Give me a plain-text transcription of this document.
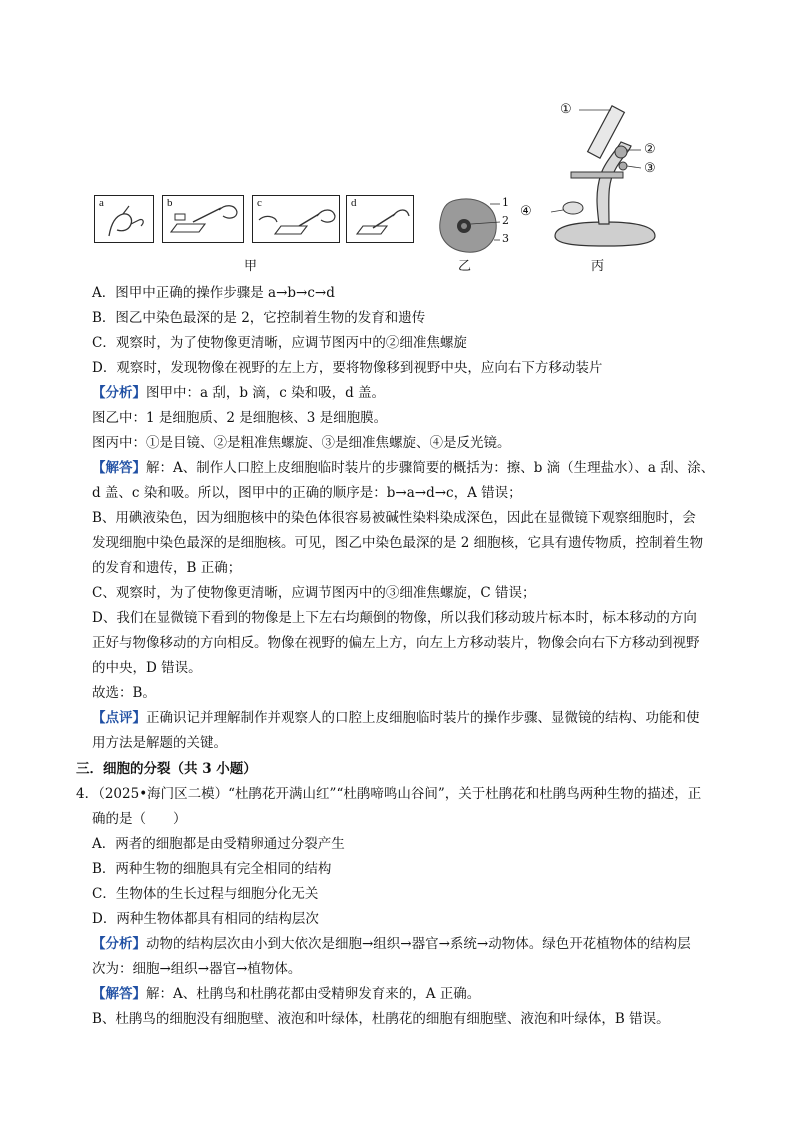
a	b	c	d
甲
1
2
3
乙
①
②
③
④
丙
A．图甲中正确的操作步骤是 a→b→c→d
B．图乙中染色最深的是 2，它控制着生物的发育和遗传
C．观察时，为了使物像更清晰，应调节图丙中的②细准焦螺旋
D．观察时，发现物像在视野的左上方，要将物像移到视野中央，应向右下方移动装片
【分析】图甲中：a 刮，b 滴，c 染和吸，d 盖。
图乙中：1 是细胞质、2 是细胞核、3 是细胞膜。
图丙中：①是目镜、②是粗准焦螺旋、③是细准焦螺旋、④是反光镜。
【解答】解：A、制作人口腔上皮细胞临时装片的步骤简要的概括为：擦、b 滴（生理盐水）、a 刮、涂、
d 盖、c 染和吸。所以，图甲中的正确的顺序是：b→a→d→c，A 错误；
B、用碘液染色，因为细胞核中的染色体很容易被碱性染料染成深色，因此在显微镜下观察细胞时，会
发现细胞中染色最深的是细胞核。可见，图乙中染色最深的是 2 细胞核，它具有遗传物质，控制着生物
的发育和遗传，B 正确；
C、观察时，为了使物像更清晰，应调节图丙中的③细准焦螺旋，C 错误；
D、我们在显微镜下看到的物像是上下左右均颠倒的物像，所以我们移动玻片标本时，标本移动的方向
正好与物像移动的方向相反。物像在视野的偏左上方，向左上方移动装片，物像会向右下方移动到视野
的中央，D 错误。
故选：B。
【点评】正确识记并理解制作并观察人的口腔上皮细胞临时装片的操作步骤、显微镜的结构、功能和使
用方法是解题的关键。
三．细胞的分裂（共 3 小题）
4．（2025•海门区二模）“杜鹃花开满山红”“杜鹃啼鸣山谷间”，关于杜鹃花和杜鹃鸟两种生物的描述，正
确的是（　　）
A．两者的细胞都是由受精卵通过分裂产生
B．两种生物的细胞具有完全相同的结构
C．生物体的生长过程与细胞分化无关
D．两种生物体都具有相同的结构层次
【分析】动物的结构层次由小到大依次是细胞→组织→器官→系统→动物体。绿色开花植物体的结构层
次为：细胞→组织→器官→植物体。
【解答】解：A、杜鹃鸟和杜鹃花都由受精卵发育来的，A 正确。
B、杜鹃鸟的细胞没有细胞壁、液泡和叶绿体，杜鹃花的细胞有细胞壁、液泡和叶绿体，B 错误。
